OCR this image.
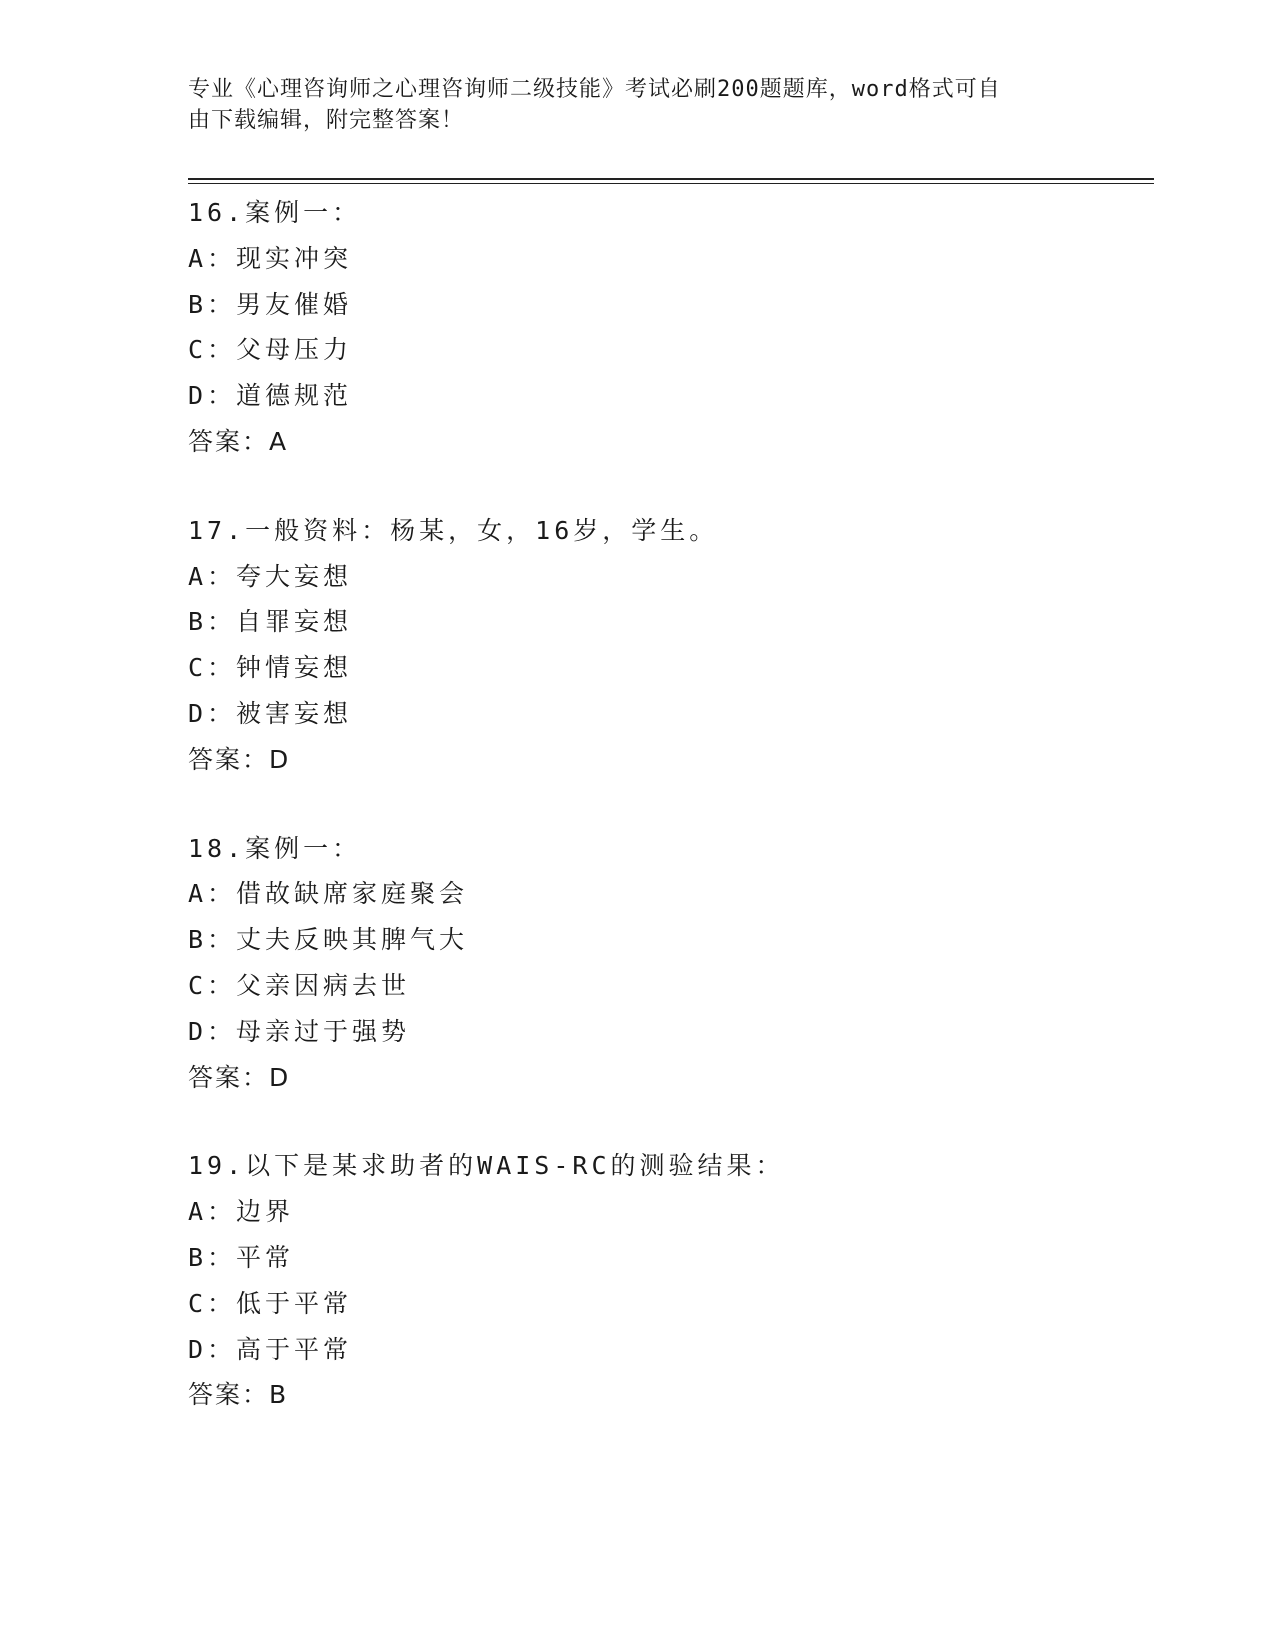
专业《心理咨询师之心理咨询师二级技能》考试必刷200题题库，word格式可自
由下载编辑，附完整答案！
16.案例一：
A：现实冲突
B：男友催婚
C：父母压力
D：道德规范
答案：A
17.一般资料：杨某，女，16岁，学生。
A：夸大妄想
B：自罪妄想
C：钟情妄想
D：被害妄想
答案：D
18.案例一：
A：借故缺席家庭聚会
B：丈夫反映其脾气大
C：父亲因病去世
D：母亲过于强势
答案：D
19.以下是某求助者的WAIS-RC的测验结果：
A：边界
B：平常
C：低于平常
D：高于平常
答案：B
